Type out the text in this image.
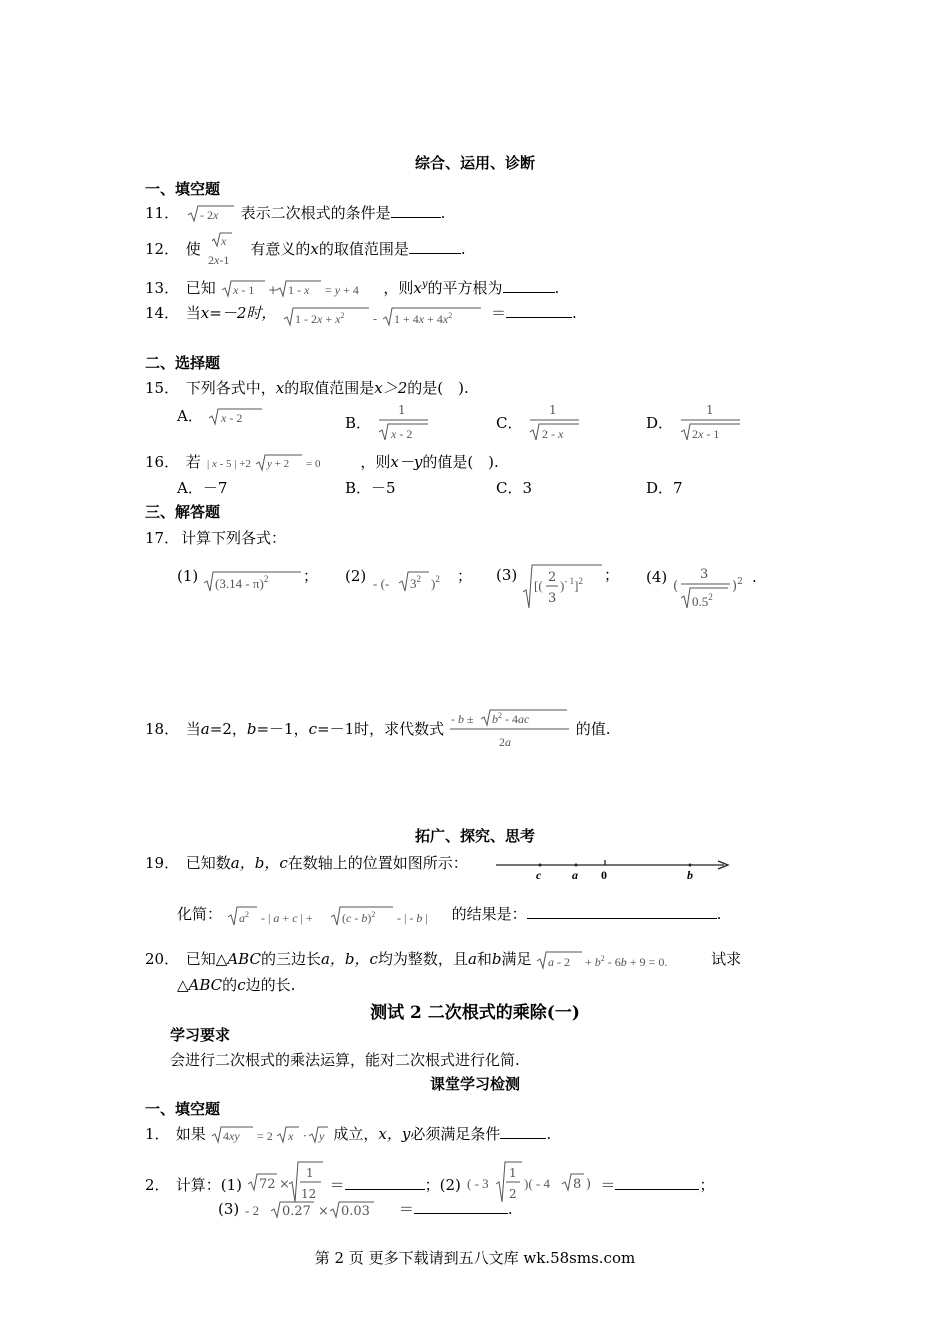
综合、运用、诊断
一、填空题
11． - 2x 表示二次根式的条件是	.
12． 使 x
2x-1
有意义的x的取值范围是	.
13． 已知 x - 1 + 1 - x = y + 4 ，则$x^y$的平方根为	.
14． 当x=－2时， $1 - 2x + x^2 - 1 + 4x + 4x^2$	＝	.
二、选择题
15． 下列各式中，x的取值范围是x＞2的是(　).
A． x - 2	B．
1
x - 2
C．
1
2 - x
D．
1
2x - 1
16． 若 | x - 5 | +2 y + 2 = 0	，则x－y的值是(　).
A．－7	B．－5	C．3	D．7
三、解答题
17． 计算下列各式：
(1) (3.14 - π)$^2$ ； (2) - (- $3^2$ )$^2$ ； (3)
[(
2
3
)$^{- 1}$]$^2$ ； (4)
(
3
$0.5^2$
)$^2$ .
18． 当a=2，b=－1，c=－1时，求代数式
- $b \pm b^2 - 4ac$
2a
的值.
拓广、探究、思考
19． 已知数a，b，c在数轴上的位置如图所示：
c	a 0	b
化简： $a^2$ - | a + c | + (c - b)$^2$ - | - b | 的结果是：	.
20． 已知△ABC的三边长a，b，c均为整数，且a和b满足 $a - 2 + b^2 - 6b + 9 = 0$.	试求
△ABC的c边的长.
测试 2 二次根式的乘除(一)
学习要求
会进行二次根式的乘法运算，能对二次根式进行化简.
课堂学习检测
一、填空题
1． 如果 4xy = 2 x · y 成立，x，y必须满足条件	.
2． 计算：(1) 72 ×
1
12 ＝	；(2) ( - 3
1
2
)( - 4 8 ) ＝	；
(3) - 2 0.27 × 0.03 ＝	.
第 2 页 更多下载请到五八文库 wk.58sms.com
